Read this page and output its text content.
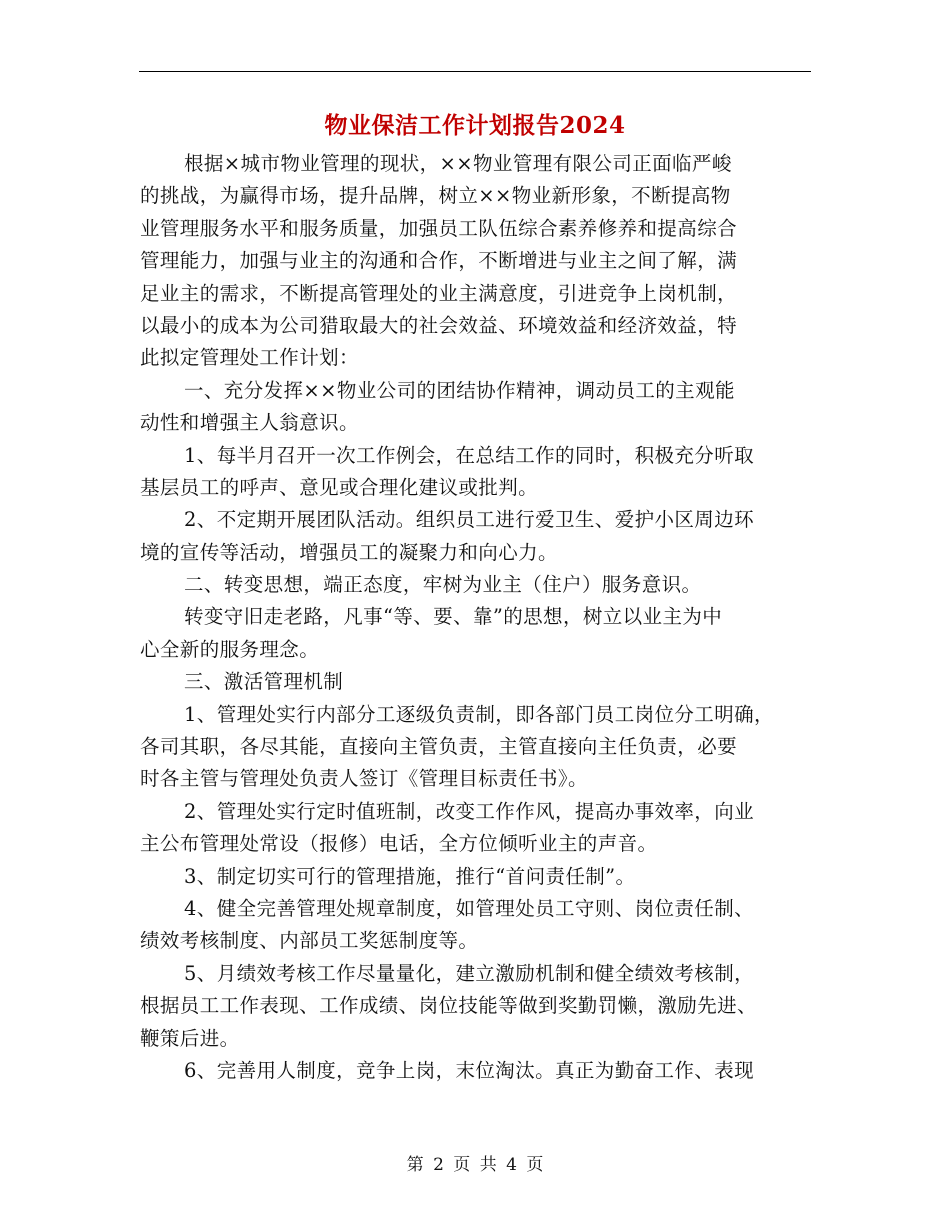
物业保洁工作计划报告2024
根据×城市物业管理的现状，××物业管理有限公司正面临严峻
的挑战，为赢得市场，提升品牌，树立××物业新形象，不断提高物
业管理服务水平和服务质量，加强员工队伍综合素养修养和提高综合
管理能力，加强与业主的沟通和合作，不断增进与业主之间了解，满
足业主的需求，不断提高管理处的业主满意度，引进竞争上岗机制，
以最小的成本为公司猎取最大的社会效益、环境效益和经济效益，特
此拟定管理处工作计划：
一、充分发挥××物业公司的团结协作精神，调动员工的主观能
动性和增强主人翁意识。
1、每半月召开一次工作例会，在总结工作的同时，积极充分听取
基层员工的呼声、意见或合理化建议或批判。
2、不定期开展团队活动。组织员工进行爱卫生、爱护小区周边环
境的宣传等活动，增强员工的凝聚力和向心力。
二、转变思想，端正态度，牢树为业主（住户）服务意识。
转变守旧走老路，凡事“等、要、靠”的思想，树立以业主为中
心全新的服务理念。
三、激活管理机制
1、管理处实行内部分工逐级负责制，即各部门员工岗位分工明确，
各司其职，各尽其能，直接向主管负责，主管直接向主任负责，必要
时各主管与管理处负责人签订《管理目标责任书》。
2、管理处实行定时值班制，改变工作作风，提高办事效率，向业
主公布管理处常设（报修）电话，全方位倾听业主的声音。
3、制定切实可行的管理措施，推行“首问责任制”。
4、健全完善管理处规章制度，如管理处员工守则、岗位责任制、
绩效考核制度、内部员工奖惩制度等。
5、月绩效考核工作尽量量化，建立激励机制和健全绩效考核制，
根据员工工作表现、工作成绩、岗位技能等做到奖勤罚懒，激励先进、
鞭策后进。
6、完善用人制度，竞争上岗，末位淘汰。真正为勤奋工作、表现
第 2 页 共 4 页
